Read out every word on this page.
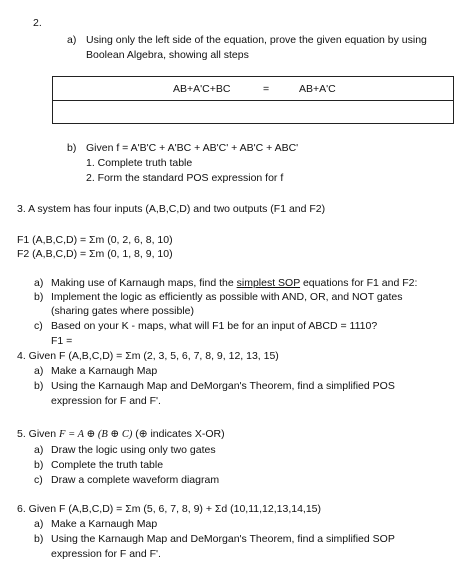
2.
a) Using only the left side of the equation, prove the given equation by using
Boolean Algebra, showing all steps
AB+A'C+BC	=	AB+A'C
b) Given f = A'B'C + A'BC + AB'C' + AB'C + ABC'
1. Complete truth table
2. Form the standard POS expression for f
3. A system has four inputs (A,B,C,D) and two outputs (F1 and F2)
F1 (A,B,C,D) = Σm (0, 2, 6, 8, 10)
F2 (A,B,C,D) = Σm (0, 1, 8, 9, 10)
a) Making use of Karnaugh maps, find the simplest SOP equations for F1 and F2:
b) Implement the logic as efficiently as possible with AND, OR, and NOT gates
(sharing gates where possible)
c) Based on your K - maps, what will F1 be for an input of ABCD = 1110?
F1 =
4. Given F (A,B,C,D) = Σm (2, 3, 5, 6, 7, 8, 9, 12, 13, 15)
a) Make a Karnaugh Map
b) Using the Karnaugh Map and DeMorgan's Theorem, find a simplified POS
expression for F and F'.
5. Given F = A ⊕ (B ⊕ C) (⊕ indicates X-OR)
a) Draw the logic using only two gates
b) Complete the truth table
c) Draw a complete waveform diagram
6. Given F (A,B,C,D) = Σm (5, 6, 7, 8, 9) + Σd (10,11,12,13,14,15)
a) Make a Karnaugh Map
b) Using the Karnaugh Map and DeMorgan's Theorem, find a simplified SOP
expression for F and F'.
